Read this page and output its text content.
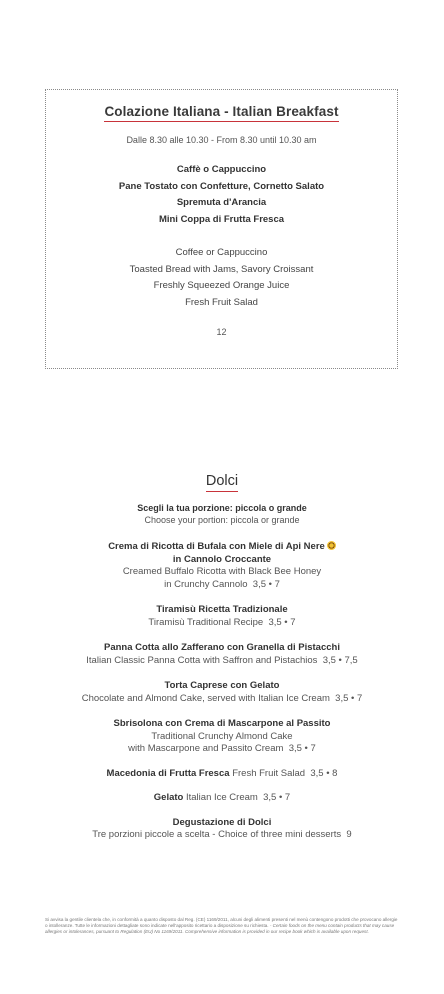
Colazione Italiana - Italian Breakfast
Dalle 8.30 alle 10.30 - From 8.30 until 10.30 am
Caffè o Cappuccino
Pane Tostato con Confetture, Cornetto Salato
Spremuta d'Arancia
Mini Coppa di Frutta Fresca
Coffee or Cappuccino
Toasted Bread with Jams, Savory Croissant
Freshly Squeezed Orange Juice
Fresh Fruit Salad
12
Dolci
Scegli la tua porzione: piccola o grande
Choose your portion: piccola or grande
Crema di Ricotta di Bufala con Miele di Api Nere
in Cannolo Croccante
Creamed Buffalo Ricotta with Black Bee Honey
in Crunchy Cannolo 3,5 • 7
Tiramisù Ricetta Tradizionale
Tiramisù Traditional Recipe 3,5 • 7
Panna Cotta allo Zafferano con Granella di Pistacchi
Italian Classic Panna Cotta with Saffron and Pistachios 3,5 • 7,5
Torta Caprese con Gelato
Chocolate and Almond Cake, served with Italian Ice Cream 3,5 • 7
Sbrisolona con Crema di Mascarpone al Passito
Traditional Crunchy Almond Cake
with Mascarpone and Passito Cream 3,5 • 7
Macedonia di Frutta Fresca Fresh Fruit Salad 3,5 • 8
Gelato Italian Ice Cream 3,5 • 7
Degustazione di Dolci
Tre porzioni piccole a scelta - Choice of three mini desserts 9
Si avvisa la gentile clientela che, in conformità a quanto disposto dal Reg. (CE) 1169/2011, alcuni degli alimenti presenti nel menù contengono prodotti che provocano allergie o intolleranze. Tutte le informazioni dettagliate sono indicate nell'apposito ricettario a disposizione su richiesta. - Certain foods on the menu contain products that may cause allergies or intolerances, pursuant to Regulation (EU) No 1169/2011. Comprehensive information is provided in our recipe book which is available upon request.
